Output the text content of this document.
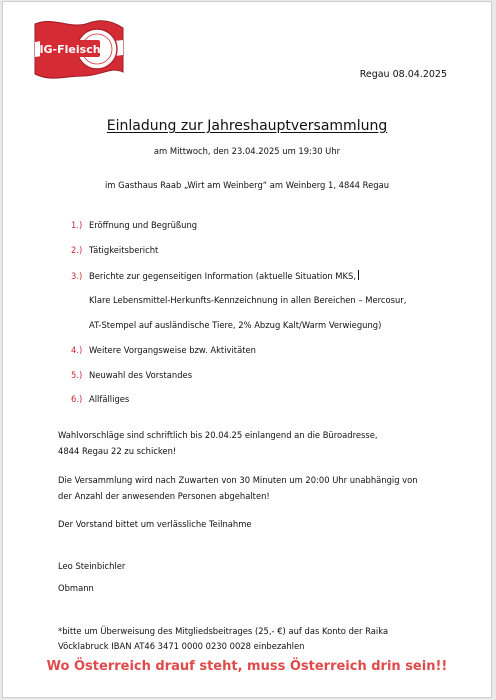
IG-Fleisch
Regau 08.04.2025
Einladung zur Jahreshauptversammlung
am Mittwoch, den 23.04.2025 um 19:30 Uhr
im Gasthaus Raab „Wirt am Weinberg“ am Weinberg 1, 4844 Regau
1.) Eröffnung und Begrüßung
2.) Tätigkeitsbericht
3.) Berichte zur gegenseitigen Information (aktuelle Situation MKS,
Klare Lebensmittel-Herkunfts-Kennzeichnung in allen Bereichen – Mercosur,
AT-Stempel auf ausländische Tiere, 2% Abzug Kalt/Warm Verwiegung)
4.) Weitere Vorgangsweise bzw. Aktivitäten
5.) Neuwahl des Vorstandes
6.) Allfälliges
Wahlvorschläge sind schriftlich bis 20.04.25 einlangend an die Büroadresse,
4844 Regau 22 zu schicken!
Die Versammlung wird nach Zuwarten von 30 Minuten um 20:00 Uhr unabhängig von
der Anzahl der anwesenden Personen abgehalten!
Der Vorstand bittet um verlässliche Teilnahme
Leo Steinbichler
Obmann
*bitte um Überweisung des Mitgliedsbeitrages (25,- €) auf das Konto der Raika
Vöcklabruck IBAN AT46 3471 0000 0230 0028 einbezahlen
Wo Österreich drauf steht, muss Österreich drin sein!!
